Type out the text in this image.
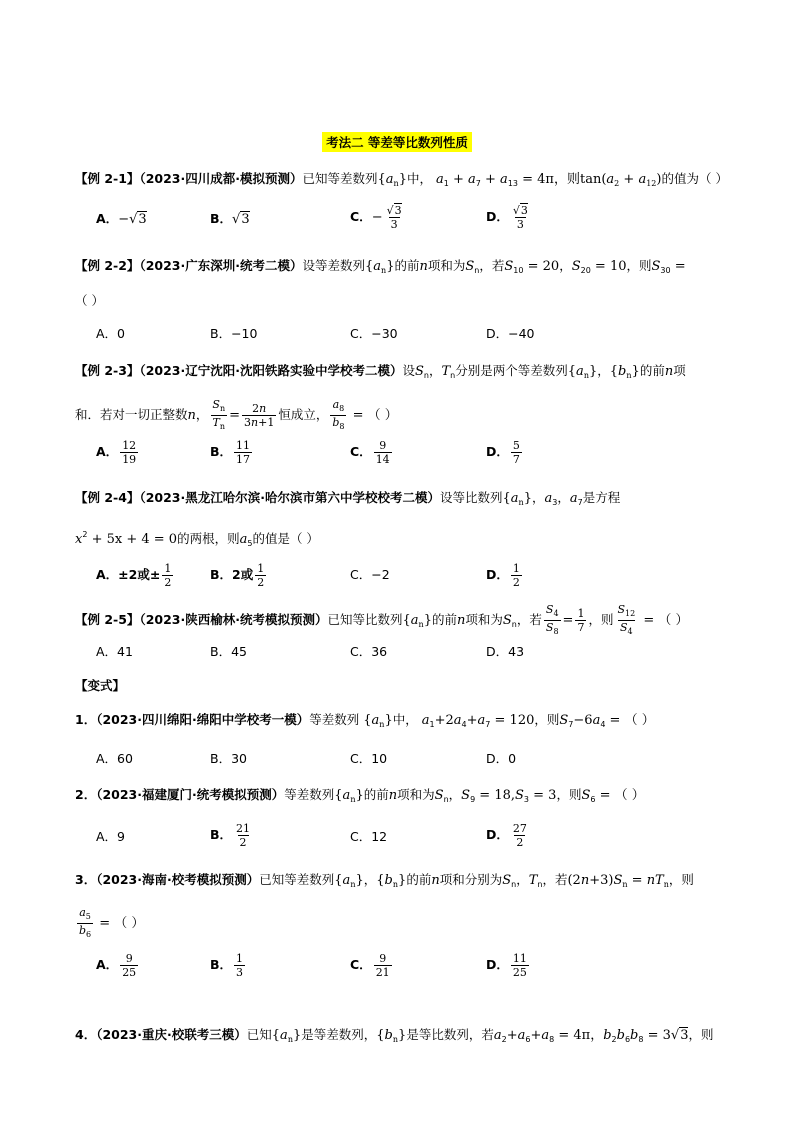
考法二 等差等比数列性质
【例 2-1】（2023·四川成都·模拟预测）已知等差数列$\{a_n\}$中， $a_1 + a_7 + a_{13} = 4\pi$，则$\tan(a_2 + a_{12})$的值为（ ）
A．−√3	B．√3	C．− $\frac{√3}{3}$	D． $\frac{√3}{3}$
【例 2-2】（2023·广东深圳·统考二模）设等差数列$\{a_n\}$的前n项和为$S_n$，若$S_{10} = 20$，$S_{20} = 10$，则$S_{30}$ =
（ ）
A．0	B．−10	C．−30	D．−40
【例 2-3】（2023·辽宁沈阳·沈阳铁路实验中学校考二模）设$S_n$，$T_n$分别是两个等差数列$\{a_n\}$，$\{b_n\}$的前n项
和．若对一切正整数n， $\frac{S_n}{T_n} = \frac{2n}{3n+1}$ 恒成立， $\frac{a_8}{b_8}$ = （ ）
A． $\frac{12}{19}$	B． $\frac{11}{17}$	C． $\frac{9}{14}$	D． $\frac{5}{7}$
【例 2-4】（2023·黑龙江哈尔滨·哈尔滨市第六中学校校考二模）设等比数列$\{a_n\}$，$a_3$，$a_7$是方程
$x^2 + 5x + 4 = 0$的两根，则$a_5$的值是（ ）
A．±2或± $\frac{1}{2}$	B．2或 $\frac{1}{2}$	C．−2	D． $\frac{1}{2}$
【例 2-5】（2023·陕西榆林·统考模拟预测）已知等比数列$\{a_n\}$的前n项和为$S_n$，若 $\frac{S_4}{S_8} = \frac{1}{7}$ ，则 $\frac{S_{12}}{S_4}$ = （ ）
A．41	B．45	C．36	D．43
【变式】
1．（2023·四川绵阳·绵阳中学校考一模）等差数列 $\{a_n\}$中， $a_1+2a_4+a_7 = 120$，则$S_7-6a_4$ = （ ）
A．60	B．30	C．10	D．0
2．（2023·福建厦门·统考模拟预测）等差数列$\{a_n\}$的前n项和为$S_n$，$S_9 = 18,S_3 = 3$，则$S_6$ = （ ）
A．9	B． $\frac{21}{2}$	C．12	D． $\frac{27}{2}$
3．（2023·海南·校考模拟预测）已知等差数列$\{a_n\}$，$\{b_n\}$的前n项和分别为$S_n$，$T_n$，若$(2n+3)S_n = nT_n$，则
$\frac{a_5}{b_6}$ = （ ）
A． $\frac{9}{25}$	B． $\frac{1}{3}$	C． $\frac{9}{21}$	D． $\frac{11}{25}$
4．（2023·重庆·校联考三模）已知$\{a_n\}$是等差数列，$\{b_n\}$是等比数列，若$a_2+a_6+a_8 = 4\pi$，$b_2b_6b_8 = 3√3$，则
